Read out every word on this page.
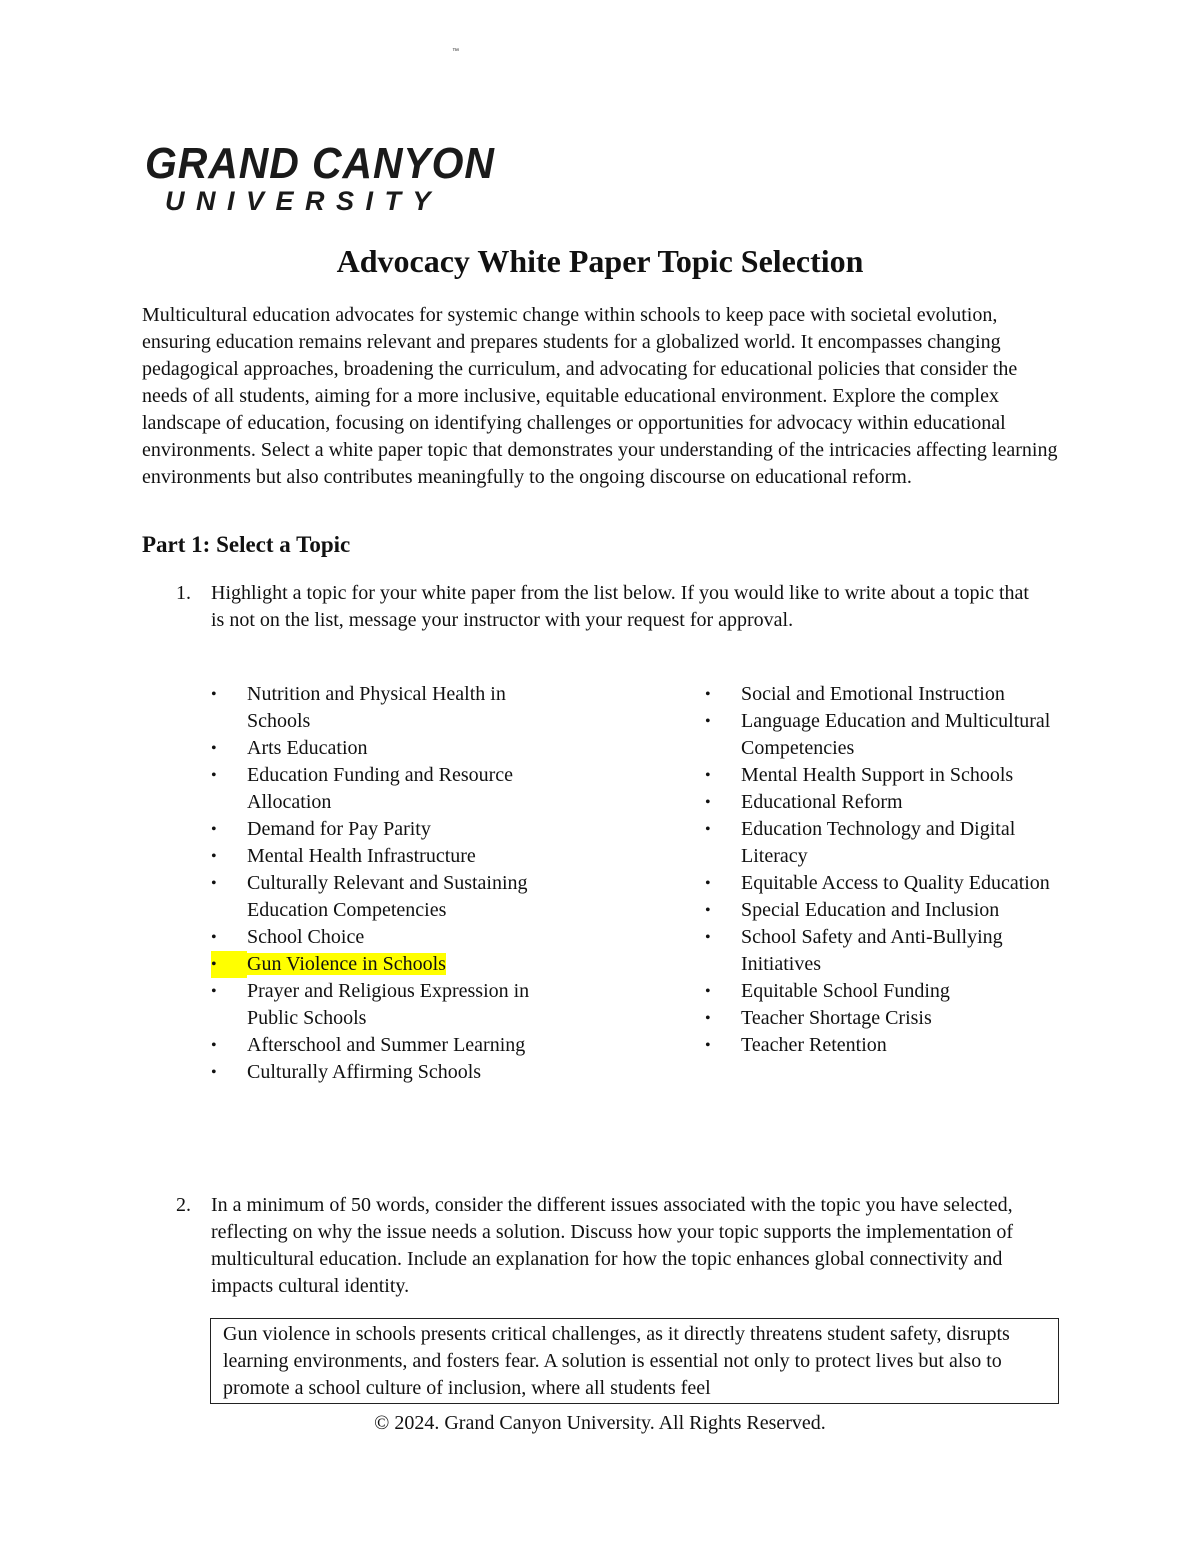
GRAND CANYON
UNIVERSITY
™
Advocacy White Paper Topic Selection

Multicultural education advocates for systemic change within schools to keep pace with societal evolution, ensuring education remains relevant and prepares students for a globalized world. It encompasses changing pedagogical approaches, broadening the curriculum, and advocating for educational policies that consider the needs of all students, aiming for a more inclusive, equitable educational environment. Explore the complex landscape of education, focusing on identifying challenges or opportunities for advocacy within educational environments. Select a white paper topic that demonstrates your understanding of the intricacies affecting learning environments but also contributes meaningfully to the ongoing discourse on educational reform.

Part 1: Select a Topic
1. Highlight a topic for your white paper from the list below. If you would like to write about a topic that is not on the list, message your instructor with your request for approval.
• Nutrition and Physical Health in Schools
• Arts Education
• Education Funding and Resource Allocation
• Demand for Pay Parity
• Mental Health Infrastructure
• Culturally Relevant and Sustaining Education Competencies
• School Choice
• Gun Violence in Schools
• Prayer and Religious Expression in Public Schools
• Afterschool and Summer Learning
• Culturally Affirming Schools
• Social and Emotional Instruction
• Language Education and Multicultural Competencies
• Mental Health Support in Schools
• Educational Reform
• Education Technology and Digital Literacy
• Equitable Access to Quality Education
• Special Education and Inclusion
• School Safety and Anti-Bullying Initiatives
• Equitable School Funding
• Teacher Shortage Crisis
• Teacher Retention
2. In a minimum of 50 words, consider the different issues associated with the topic you have selected, reflecting on why the issue needs a solution. Discuss how your topic supports the implementation of multicultural education. Include an explanation for how the topic enhances global connectivity and impacts cultural identity.
Gun violence in schools presents critical challenges, as it directly threatens student safety, disrupts learning environments, and fosters fear. A solution is essential not only to protect lives but also to promote a school culture of inclusion, where all students feel
© 2024. Grand Canyon University. All Rights Reserved.
